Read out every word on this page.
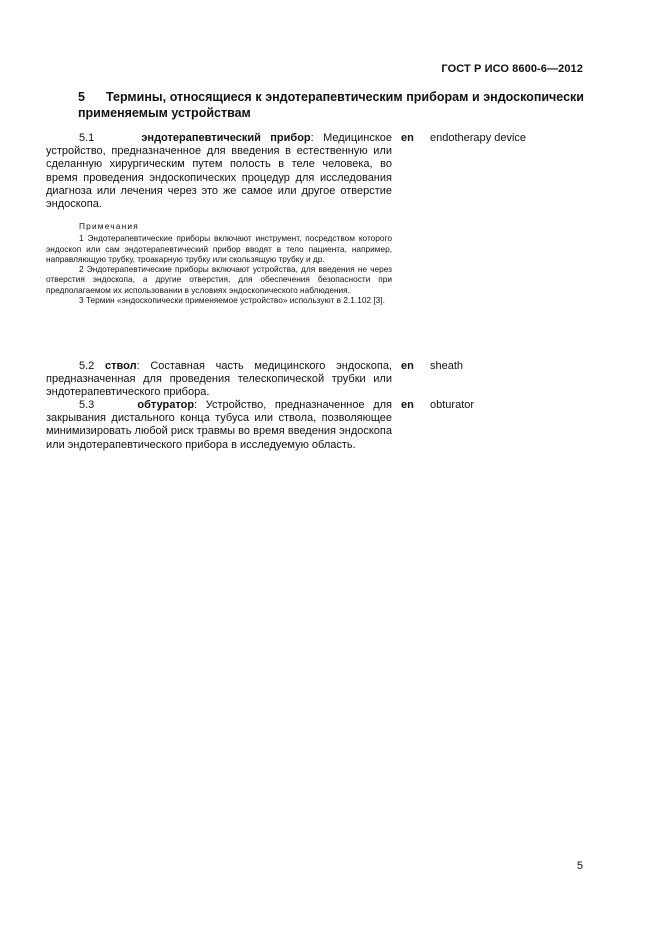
ГОСТ Р ИСО 8600-6—2012
5 Термины, относящиеся к эндотерапевтическим приборам и эндоскопически применяемым устройствам
5.1	эндотерапевтический прибор: Медицинское устройство, предназначенное для введения в естественную или сделанную хирургическим путем полость в теле человека, во время проведения эндоскопических процедур для исследования диагноза или лечения через это же самое или другое отверстие эндоскопа.
en endotherapy device
Примечания
1 Эндотерапевтические приборы включают инструмент, посредством которого эндоскоп или сам эндотерапевтический прибор вводят в тело пациента, например, направляющую трубку, троакарную трубку или скользящую трубку и др.
2 Эндотерапевтические приборы включают устройства, для введения не через отверстия эндоскопа, а другие отверстия, для обеспечения безопасности при предполагаемом их использовании в условиях эндоскопического наблюдения.
3 Термин «эндоскопически применяемое устройство» используют в 2.1.102 [3].
5.2 ствол: Составная часть медицинского эндоскопа, предназначенная для проведения телескопической трубки или эндотерапевтического прибора.
en sheath
5.3	обтуратор: Устройство, предназначенное для закрывания дистального конца тубуса или ствола, позволяющее минимизировать любой риск травмы во время введения эндоскопа или эндотерапевтического прибора в исследуемую область.
en obturator
5
